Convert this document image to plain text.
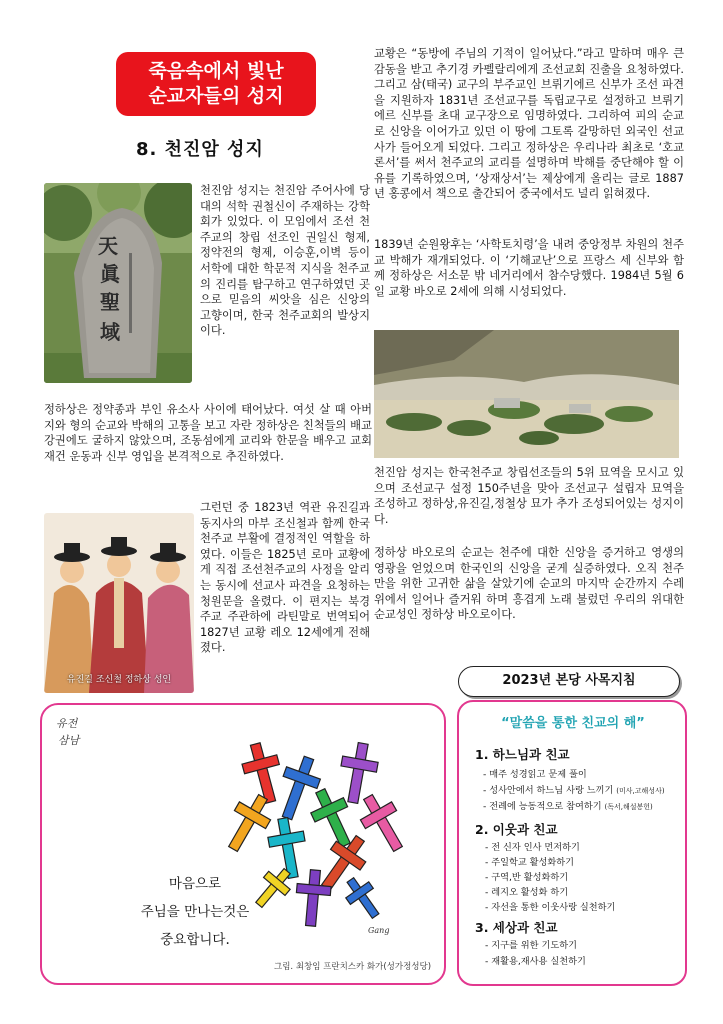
죽음속에서 빛난
순교자들의 성지
8. 천진암 성지
天
眞
聖
域
천진암 성지는 천진암 주어사에 당대의 석학 권철신이 주재하는 강학회가 있었다. 이 모임에서 조선 천주교의 창립 선조인 권일신 형제, 정약전의 형제, 이승훈,이벽 등이 서학에 대한 학문적 지식을 천주교의 진리를 탐구하고 연구하였던 곳으로 믿음의 씨앗을 심은 신앙의 고향이며, 한국 천주교회의 발상지이다.
정하상은 정약종과 부인 유소사 사이에 태어났다. 여섯 살 때 아버지와 형의 순교와 박해의 고통을 보고 자란 정하상은 친척들의 배교 강권에도 굴하지 않았으며, 조동섬에게 교리와 한문을 배우고 교회 재건 운동과 신부 영입을 본격적으로 추진하였다.
유진길 조신철 정하상 성인
그런던 중 1823년 역관 유진길과 동지사의 마부 조신철과 함께 한국천주교 부활에 결정적인 역할을 하였다. 이들은 1825년 로마 교황에게 직접 조선천주교의 사정을 알리는 동시에 선교사 파견을 요청하는 청원문을 올렸다. 이 편지는 북경주교 주관하에 라틴말로 번역되어 1827년 교황 레오 12세에게 전해졌다.
교황은 “동방에 주님의 기적이 일어났다.”라고 말하며 매우 큰 감동을 받고 추기경 카펠랄리에게 조선교회 진출을 요청하였다. 그리고 삼(태국) 교구의 부주교인 브뤼기에르 신부가 조선 파견을 지원하자 1831년 조선교구를 독립교구로 설정하고 브뤼기에르 신부를 초대 교구장으로 임명하였다. 그리하여 피의 순교로 신앙을 이어가고 있던 이 땅에 그토록 갈망하던 외국인 선교사가 들어오게 되었다. 그리고 정하상은 우리나라 최초로 ‘호교론서’를 써서 천주교의 교리를 설명하며 박해를 중단해야 할 이유를 기록하였으며, ‘상재상서’는 제상에게 올리는 글로 1887년 홍콩에서 책으로 출간되어 중국에서도 널리 읽혀졌다.
1839년 순원왕후는 ‘사학토치령’을 내려 중앙정부 차원의 천주교 박해가 재개되었다. 이 ‘기해교난’으로 프랑스 세 신부와 함께 정하상은 서소문 밖 네거리에서 참수당했다. 1984년 5월 6일 교황 바오로 2세에 의해 시성되었다.
천진암 성지는 한국천주교 창립선조들의 5위 묘역을 모시고 있으며 조선교구 설정 150주년을 맞아 조선교구 설립자 묘역을 조성하고 정하상,유진길,정철상 묘가 추가 조성되어있는 성지이다.
정하상 바오로의 순교는 천주에 대한 신앙을 증거하고 영생의 영광을 얻었으며 한국인의 신앙을 굳게 실증하였다. 오직 천주만을 위한 고귀한 삶을 살았기에 순교의 마지막 순간까지 수레 위에서 일어나 즐거워 하며 흥겹게 노래 불렀던 우리의 위대한 순교성인 정하상 바오로이다.
2023년 본당 사목지침
유전
삼남
마음으로
주님을 만나는것은
중요합니다.
Gang
그림. 최창임 프란치스카 화가(성가정성당)
“말씀을 통한 친교의 해”
1. 하느님과 친교
- 매주 성경읽고 문제 풀이
- 성사안에서 하느님 사랑 느끼기 (미사,고해성사)
- 전례에 능동적으로 참여하기 (독서,해설봉헌)
2. 이웃과 친교
- 전 신자 인사 먼저하기
- 주일학교 활성화하기
- 구역,반 활성화하기
- 레지오 활성화 하기
- 자선을 통한 이웃사랑 실천하기
3. 세상과 친교
- 지구를 위한 기도하기
- 재활용,재사용 실천하기
